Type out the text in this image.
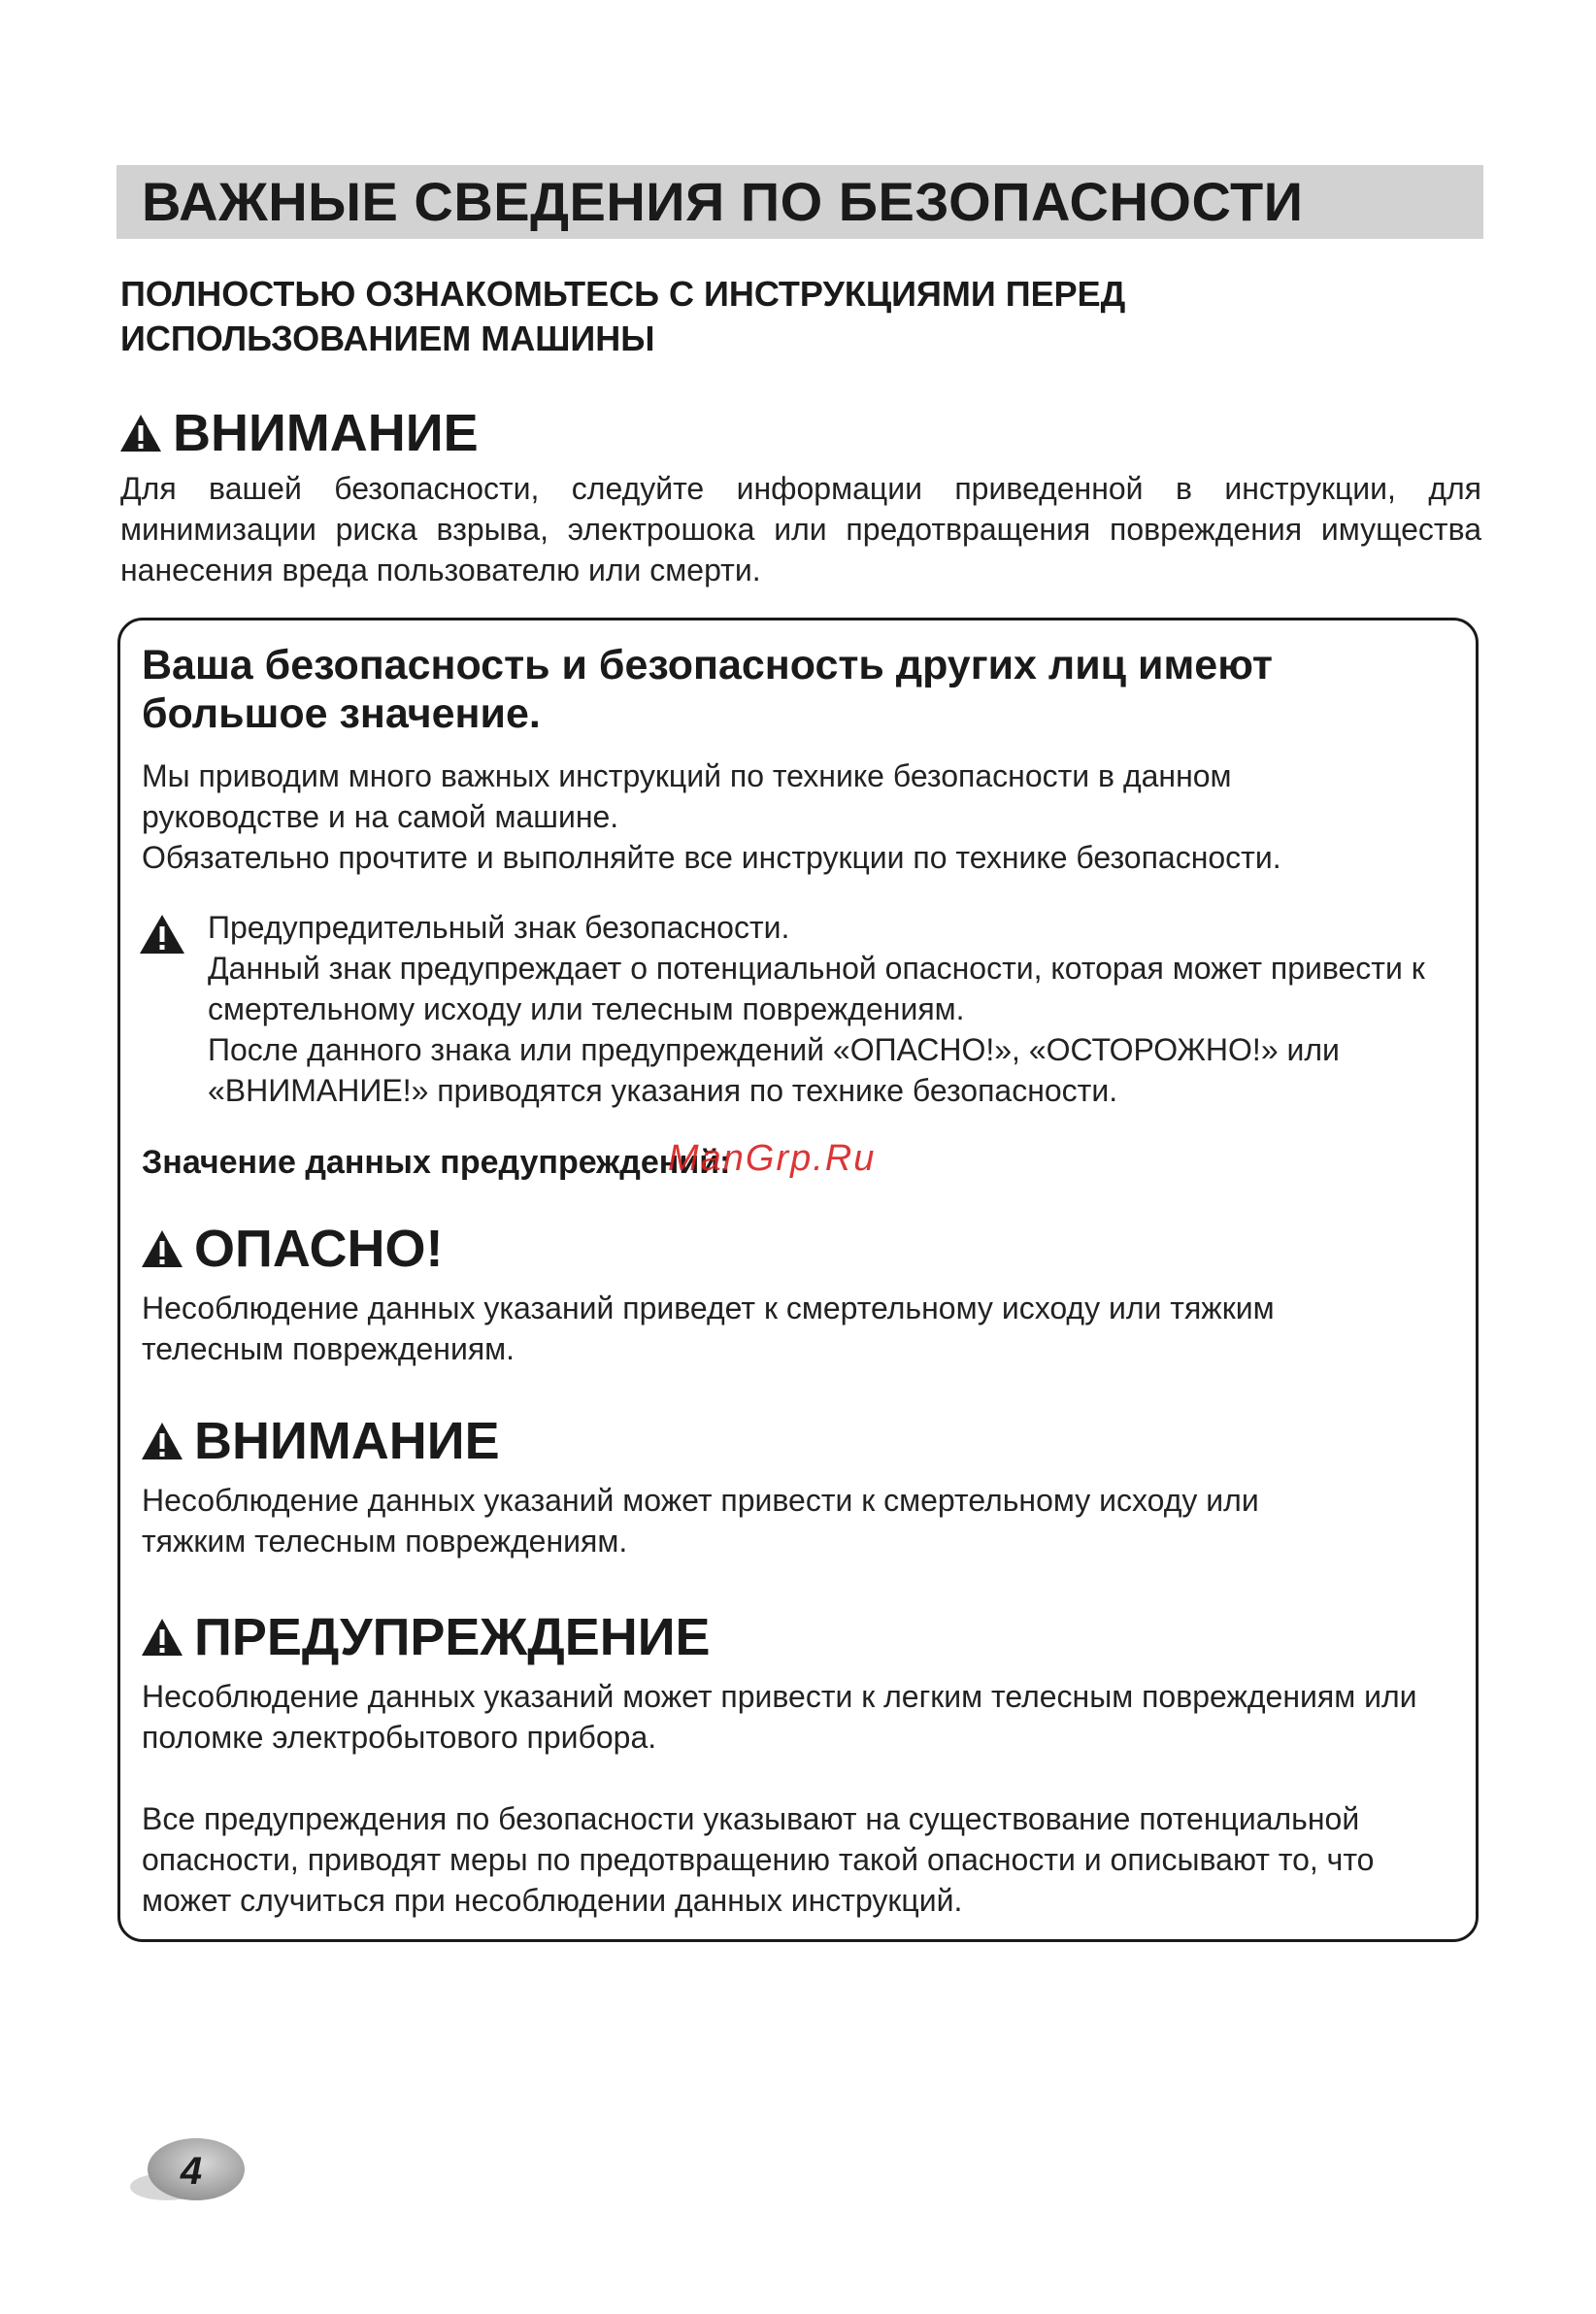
ВАЖНЫЕ СВЕДЕНИЯ ПО БЕЗОПАСНОСТИ

ПОЛНОСТЬЮ ОЗНАКОМЬТЕСЬ С ИНСТРУКЦИЯМИ ПЕРЕД
ИСПОЛЬЗОВАНИЕМ МАШИНЫ

ВНИМАНИЕ

Для вашей безопасности, следуйте информации приведенной в инструкции, для минимизации риска взрыва, электрошока или предотвращения повреждения имущества нанесения вреда пользователю или смерти.

Ваша безопасность и безопасность других лиц имеют большое значение.

Мы приводим много важных инструкций по технике безопасности в данном руководстве и на самой машине.

Обязательно прочтите и выполняйте все инструкции по технике безопасности.

Предупредительный знак безопасности.
Данный знак предупреждает о потенциальной опасности, которая может привести к смертельному исходу или телесным повреждениям.
После данного знака или предупреждений «ОПАСНО!», «ОСТОРОЖНО!» или «ВНИМАНИЕ!» приводятся указания по технике безопасности.

Значение данных предупреждений:

ManGrp.Ru
ОПАСНО!

Несоблюдение данных указаний приведет к смертельному исходу или тяжким телесным повреждениям.

ВНИМАНИЕ

Несоблюдение данных указаний может привести к смертельному исходу или тяжким телесным повреждениям.

ПРЕДУПРЕЖДЕНИЕ

Несоблюдение данных указаний может привести к легким телесным повреждениям или поломке электробытового прибора.

Все предупреждения по безопасности указывают на существование потенциальной опасности, приводят меры по предотвращению такой опасности и описывают то, что может случиться при несоблюдении данных инструкций.

4
